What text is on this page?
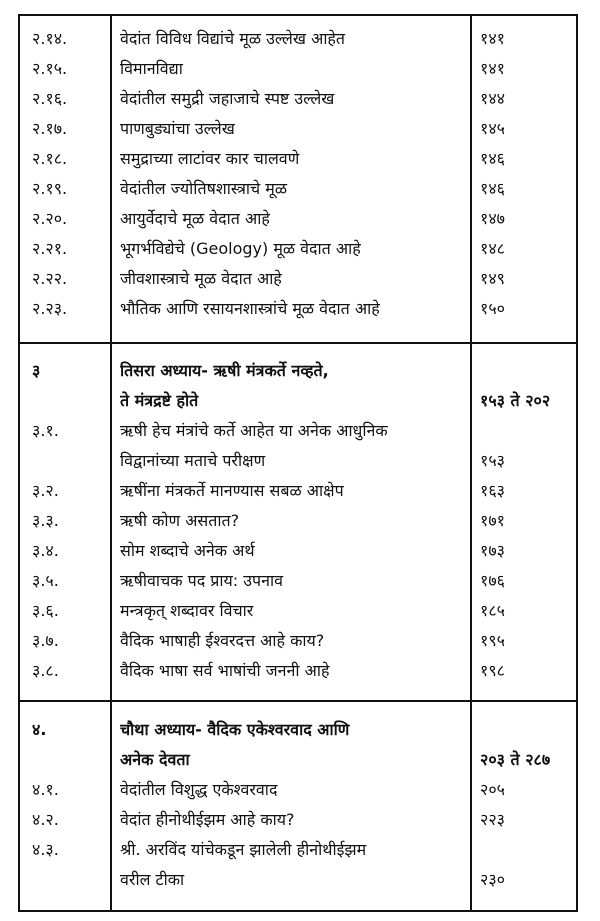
२.१४.	वेदांत विविध विद्यांचे मूळ उल्लेख आहेत	१४१
२.१५.	विमानविद्या	१४१
२.१६.	वेदांतील समुद्री जहाजाचे स्पष्ट उल्लेख	१४४
२.१७.	पाणबुड्यांचा उल्लेख	१४५
२.१८.	समुद्राच्या लाटांवर कार चालवणे	१४६
२.१९.	वेदांतील ज्योतिषशास्त्राचे मूळ	१४६
२.२०.	आयुर्वेदाचे मूळ वेदात आहे	१४७
२.२१.	भूगर्भविद्येचे (Geology) मूळ वेदात आहे	१४८
२.२२.	जीवशास्त्राचे मूळ वेदात आहे	१४९
२.२३.	भौतिक आणि रसायनशास्त्रांचे मूळ वेदात आहे	१५०
३	तिसरा अध्याय- ऋषी मंत्रकर्ते नव्हते,
ते मंत्रद्रष्टे होते	१५३ ते २०२
३.१.	ऋषी हेच मंत्रांचे कर्ते आहेत या अनेक आधुनिक
विद्वानांच्या मताचे परीक्षण	१५३
३.२.	ऋषींना मंत्रकर्ते मानण्यास सबळ आक्षेप	१६३
३.३.	ऋषी कोण असतात?	१७१
३.४.	सोम शब्दाचे अनेक अर्थ	१७३
३.५.	ऋषीवाचक पद प्राय: उपनाव	१७६
३.६.	मन्त्रकृत् शब्दावर विचार	१८५
३.७.	वैदिक भाषाही ईश्वरदत्त आहे काय?	१९५
३.८.	वैदिक भाषा सर्व भाषांची जननी आहे	१९८
४.	चौथा अध्याय- वैदिक एकेश्वरवाद आणि
अनेक देवता	२०३ ते २८७
४.१.	वेदांतील विशुद्ध एकेश्वरवाद	२०५
४.२.	वेदांत हीनोथीईझम आहे काय?	२२३
४.३.	श्री. अरविंद यांचेकडून झालेली हीनोथीईझम
वरील टीका	२३०
